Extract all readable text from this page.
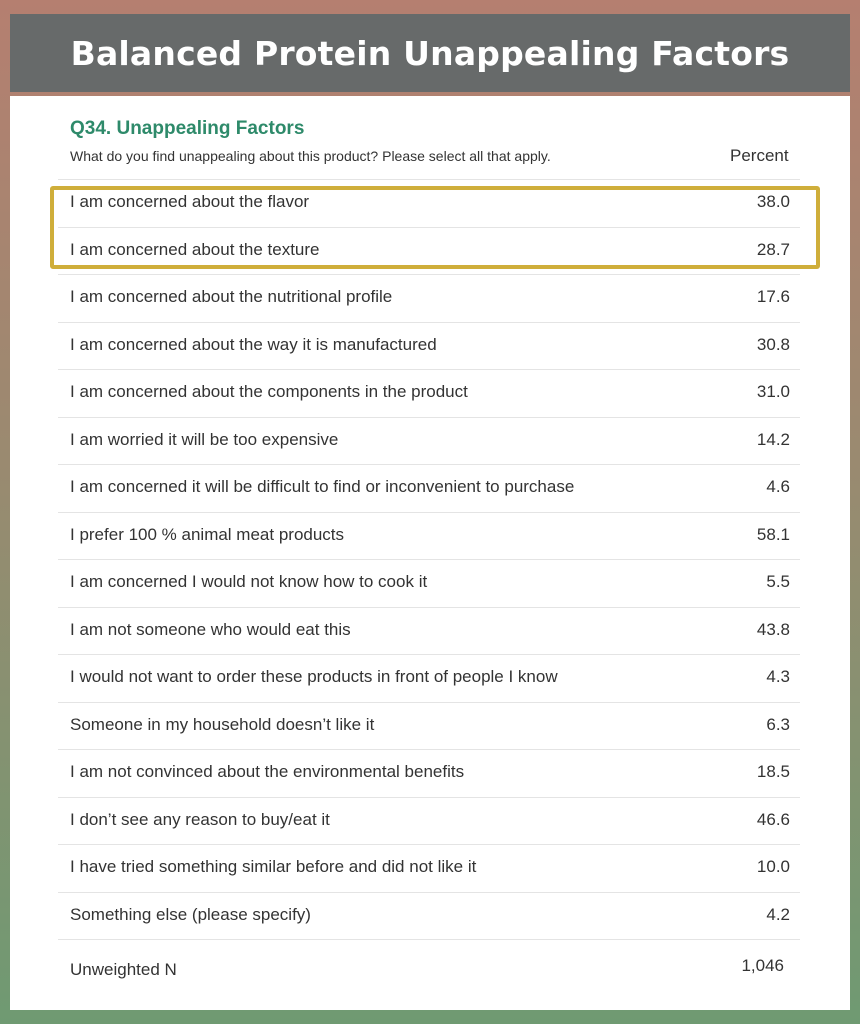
Balanced Protein Unappealing Factors
Q34. Unappealing Factors
What do you find unappealing about this product? Please select all that apply.	Percent
I am concerned about the flavor	38.0
I am concerned about the texture	28.7
I am concerned about the nutritional profile	17.6
I am concerned about the way it is manufactured	30.8
I am concerned about the components in the product	31.0
I am worried it will be too expensive	14.2
I am concerned it will be difficult to find or inconvenient to purchase	4.6
I prefer 100 % animal meat products	58.1
I am concerned I would not know how to cook it	5.5
I am not someone who would eat this	43.8
I would not want to order these products in front of people I know	4.3
Someone in my household doesn’t like it	6.3
I am not convinced about the environmental benefits	18.5
I don’t see any reason to buy/eat it	46.6
I have tried something similar before and did not like it	10.0
Something else (please specify)	4.2
Unweighted N	1,046
